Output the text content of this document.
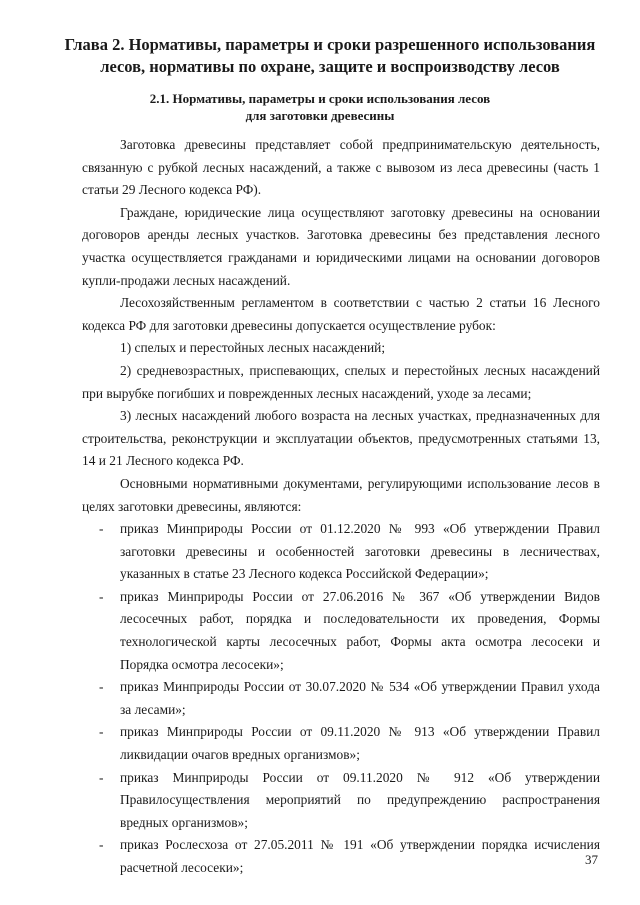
Глава 2. Нормативы, параметры и сроки разрешенного использования лесов, нормативы по охране, защите и воспроизводству лесов
2.1. Нормативы, параметры и сроки использования лесов
для заготовки древесины

Заготовка древесины представляет собой предпринимательскую деятельность, связанную с рубкой лесных насаждений, а также с вывозом из леса древесины (часть 1 статьи 29 Лесного кодекса РФ).

Граждане, юридические лица осуществляют заготовку древесины на основании договоров аренды лесных участков. Заготовка древесины без представления лесного участка осуществляется гражданами и юридическими лицами на основании договоров купли-продажи лесных насаждений.

Лесохозяйственным регламентом в соответствии с частью 2 статьи 16 Лесного кодекса РФ для заготовки древесины допускается осуществление рубок:

1) спелых и перестойных лесных насаждений;

2) средневозрастных, приспевающих, спелых и перестойных лесных насаждений при вырубке погибших и поврежденных лесных насаждений, уходе за лесами;

3) лесных насаждений любого возраста на лесных участках, предназначенных для строительства, реконструкции и эксплуатации объектов, предусмотренных статьями 13, 14 и 21 Лесного кодекса РФ.

Основными нормативными документами, регулирующими использование лесов в целях заготовки древесины, являются:

- приказ Минприроды России от 01.12.2020 № 993 «Об утверждении Правил заготовки древесины и особенностей заготовки древесины в лесничествах, указанных в статье 23 Лесного кодекса Российской Федерации»;
- приказ Минприроды России от 27.06.2016 № 367 «Об утверждении Видов лесосечных работ, порядка и последовательности их проведения, Формы технологической карты лесосечных работ, Формы акта осмотра лесосеки и Порядка осмотра лесосеки»;
- приказ Минприроды России от 30.07.2020 № 534 «Об утверждении Правил ухода за лесами»;
- приказ Минприроды России от 09.11.2020 № 913 «Об утверждении Правил ликвидации очагов вредных организмов»;
- приказ Минприроды России от 09.11.2020 № 912 «Об утверждении Правилосуществления мероприятий по предупреждению распространения вредных организмов»;
- приказ Рослесхоза от 27.05.2011 № 191 «Об утверждении порядка исчисления расчетной лесосеки»;
37
